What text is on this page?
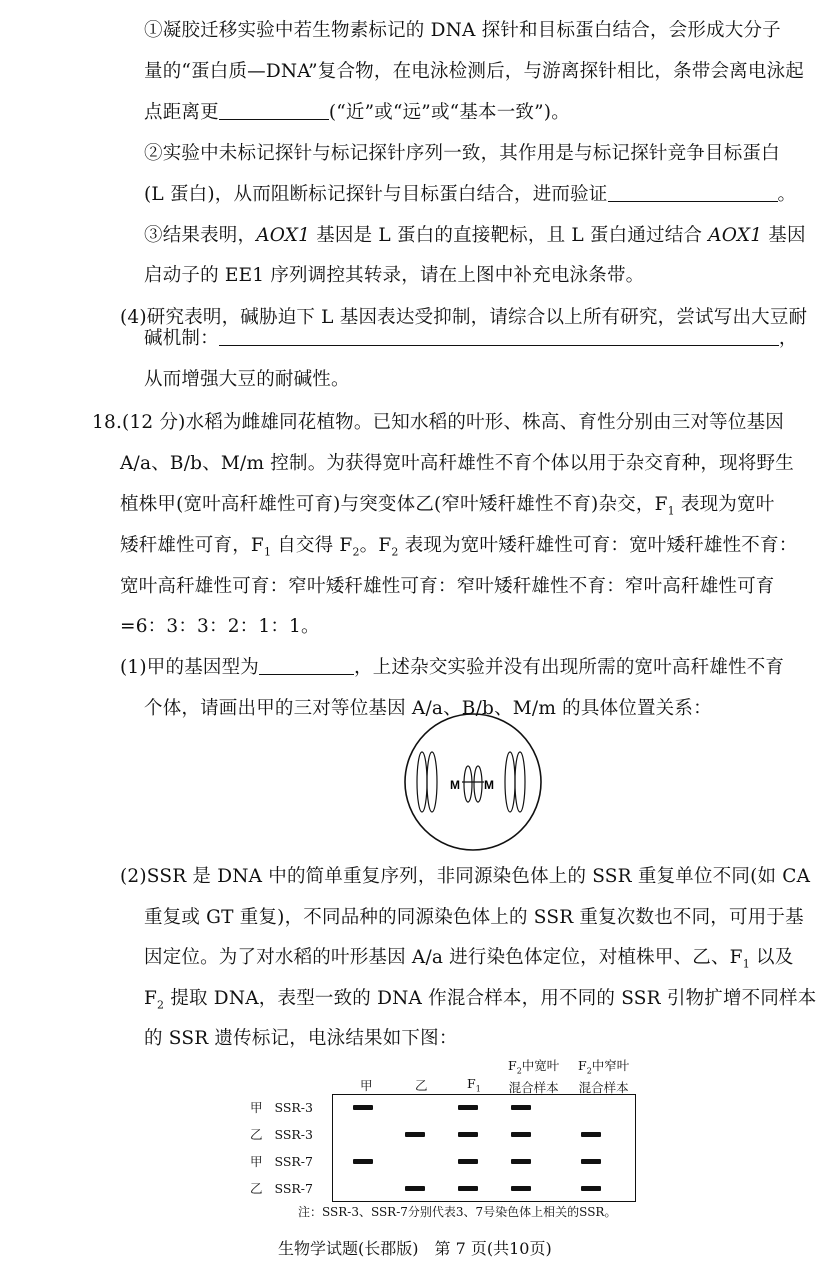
①凝胶迁移实验中若生物素标记的 DNA 探针和目标蛋白结合，会形成大分子
量的“蛋白质—DNA”复合物，在电泳检测后，与游离探针相比，条带会离电泳起
点距离更	(“近”或“远”或“基本一致”)。
②实验中未标记探针与标记探针序列一致，其作用是与标记探针竞争目标蛋白
(L 蛋白)，从而阻断标记探针与目标蛋白结合，进而验证	。
③结果表明，AOX1 基因是 L 蛋白的直接靶标，且 L 蛋白通过结合 AOX1 基因
启动子的 EE1 序列调控其转录，请在上图中补充电泳条带。
(4)研究表明，碱胁迫下 L 基因表达受抑制，请综合以上所有研究，尝试写出大豆耐
碱机制：	，
从而增强大豆的耐碱性。
18.(12 分)水稻为雌雄同花植物。已知水稻的叶形、株高、育性分别由三对等位基因
A/a、B/b、M/m 控制。为获得宽叶高秆雄性不育个体以用于杂交育种，现将野生
植株甲(宽叶高秆雄性可育)与突变体乙(窄叶矮秆雄性不育)杂交，$F_1$ 表现为宽叶
矮秆雄性可育，$F_1$ 自交得 $F_2$。$F_2$ 表现为宽叶矮秆雄性可育：宽叶矮秆雄性不育：
宽叶高秆雄性可育：窄叶矮秆雄性可育：窄叶矮秆雄性不育：窄叶高秆雄性可育
=6：3：3：2：1：1。
(1)甲的基因型为	，上述杂交实验并没有出现所需的宽叶高秆雄性不育
个体，请画出甲的三对等位基因 A/a、B/b、M/m 的具体位置关系：
M M
(2)SSR 是 DNA 中的简单重复序列，非同源染色体上的 SSR 重复单位不同(如 CA
重复或 GT 重复)，不同品种的同源染色体上的 SSR 重复次数也不同，可用于基
因定位。为了对水稻的叶形基因 A/a 进行染色体定位，对植株甲、乙、$F_1$ 以及
$F_2$ 提取 DNA，表型一致的 DNA 作混合样本，用不同的 SSR 引物扩增不同样本
的 SSR 遗传标记，电泳结果如下图：
甲	乙	$F_1$
$F_2$中宽叶
混合样本
$F_2$中窄叶
混合样本
甲 SSR-3
乙 SSR-3
甲 SSR-7
乙 SSR-7
注：SSR-3、SSR-7分别代表3、7号染色体上相关的SSR。
生物学试题(长郡版)　第 7 页(共10页)
